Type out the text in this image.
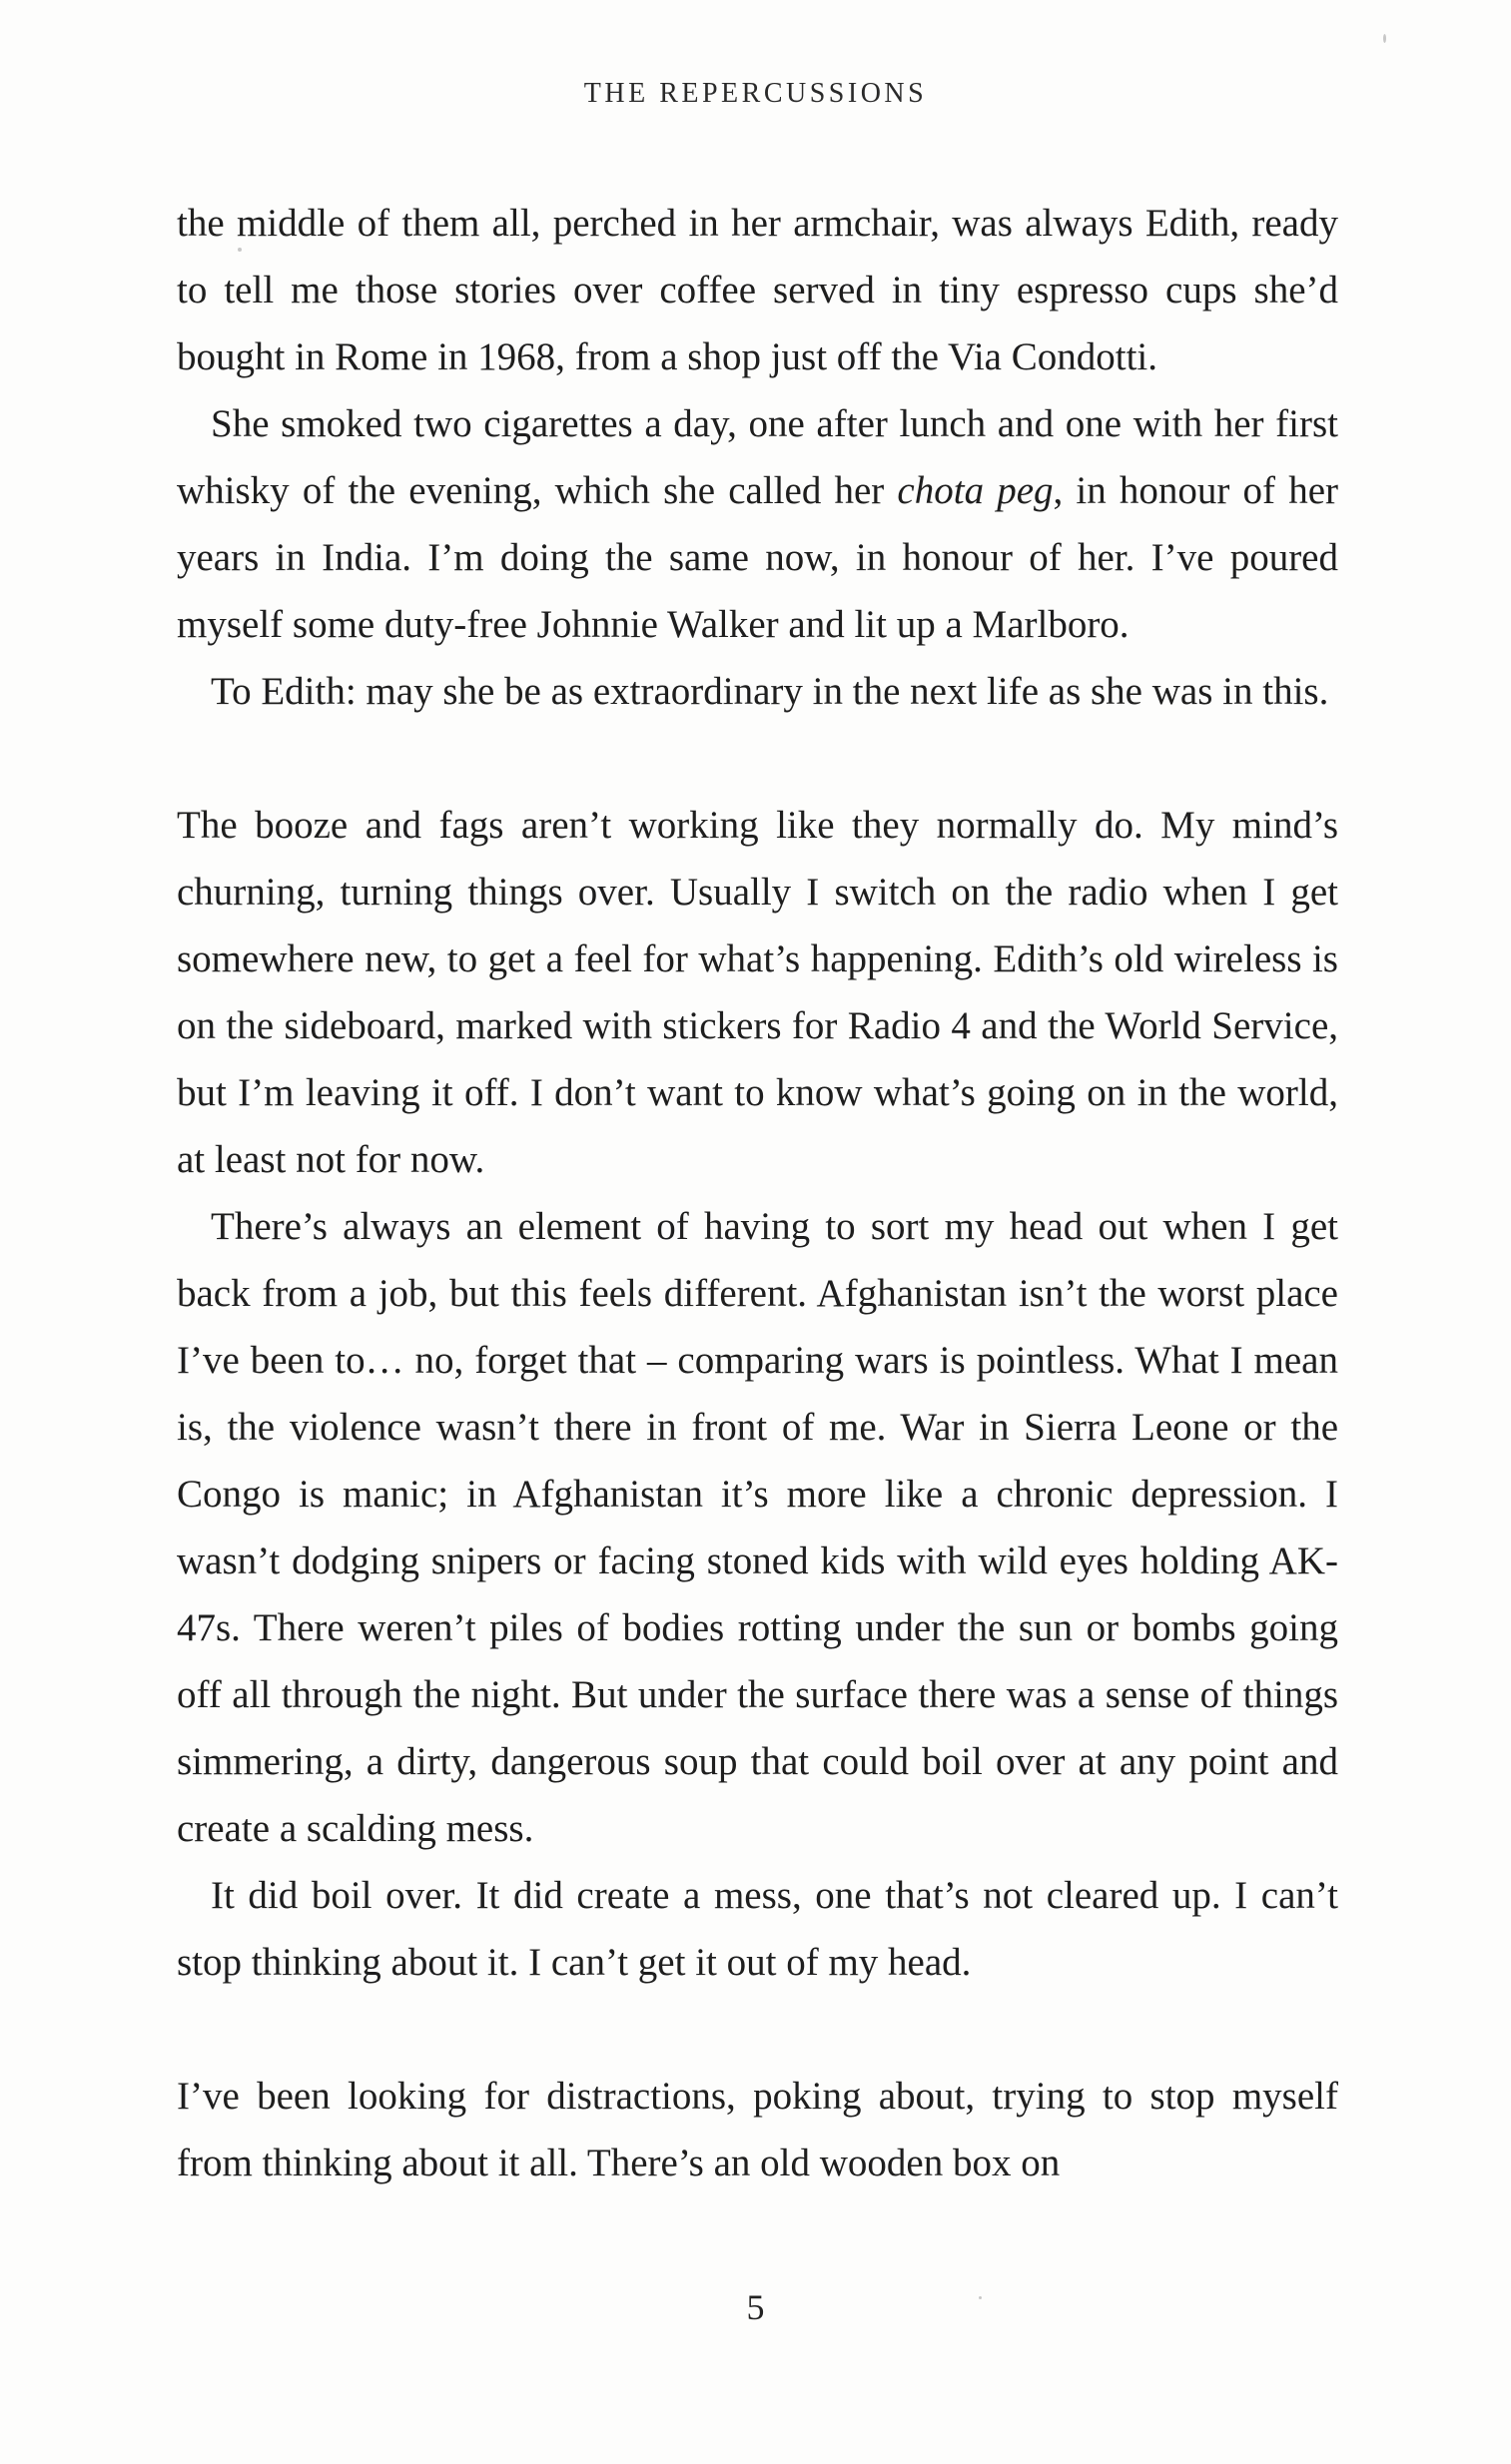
THE REPERCUSSIONS

the middle of them all, perched in her armchair, was always Edith, ready to tell me those stories over coffee served in tiny espresso cups she’d bought in Rome in 1968, from a shop just off the Via Condotti.

She smoked two cigarettes a day, one after lunch and one with her first whisky of the evening, which she called her chota peg, in honour of her years in India. I’m doing the same now, in honour of her. I’ve poured myself some duty-free Johnnie Walker and lit up a Marlboro.

To Edith: may she be as extraordinary in the next life as she was in this.

The booze and fags aren’t working like they normally do. My mind’s churning, turning things over. Usually I switch on the radio when I get somewhere new, to get a feel for what’s happening. Edith’s old wireless is on the sideboard, marked with stickers for Radio 4 and the World Service, but I’m leaving it off. I don’t want to know what’s going on in the world, at least not for now.

There’s always an element of having to sort my head out when I get back from a job, but this feels different. Afghanistan isn’t the worst place I’ve been to… no, forget that – comparing wars is pointless. What I mean is, the violence wasn’t there in front of me. War in Sierra Leone or the Congo is manic; in Afghanistan it’s more like a chronic depression. I wasn’t dodging snipers or facing stoned kids with wild eyes holding AK-47s. There weren’t piles of bodies rotting under the sun or bombs going off all through the night. But under the surface there was a sense of things simmering, a dirty, dangerous soup that could boil over at any point and create a scalding mess.

It did boil over. It did create a mess, one that’s not cleared up. I can’t stop thinking about it. I can’t get it out of my head.

I’ve been looking for distractions, poking about, trying to stop myself from thinking about it all. There’s an old wooden box on

5
